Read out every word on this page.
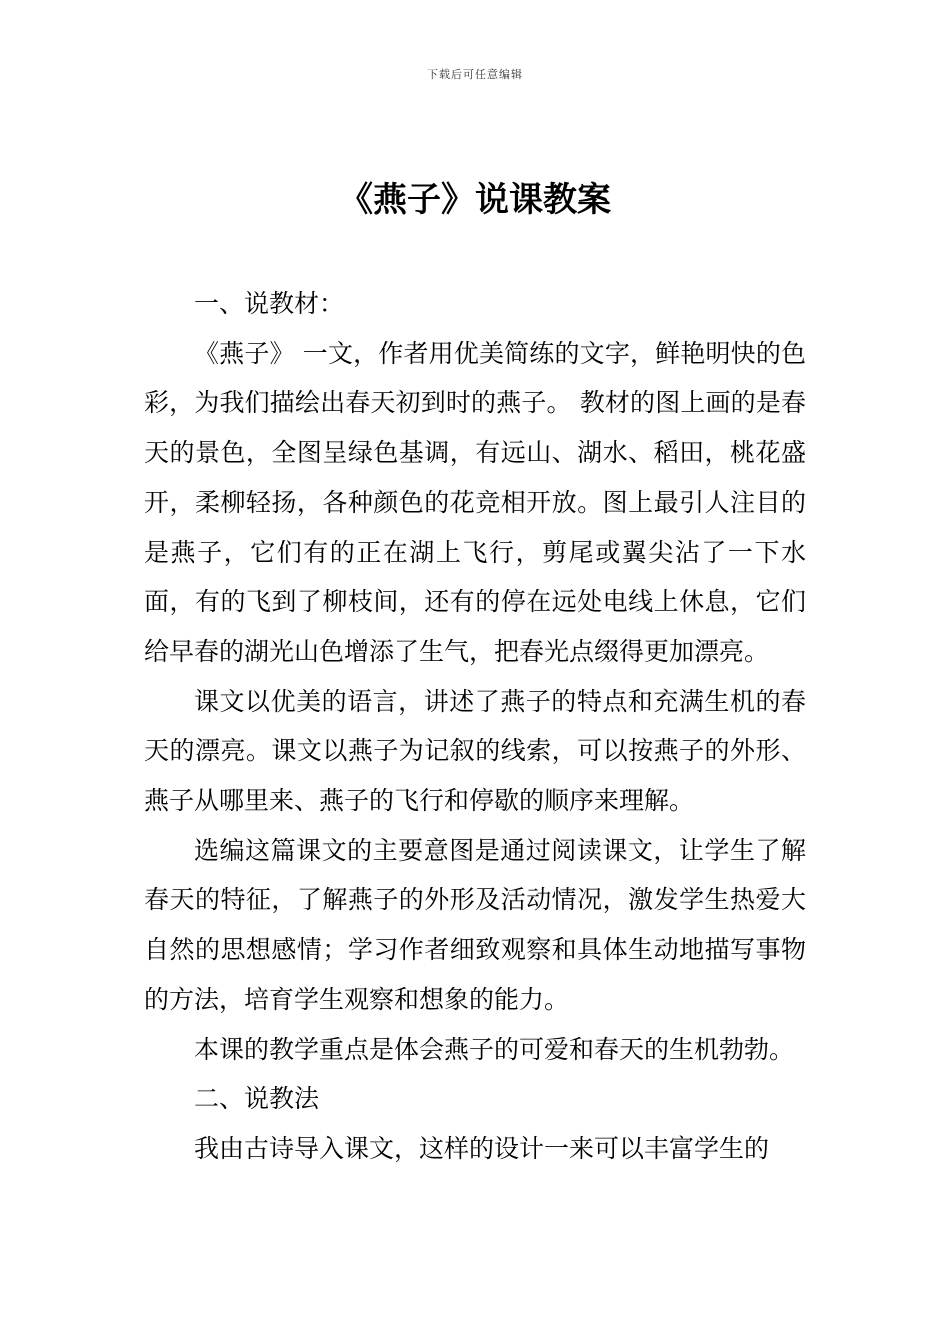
下载后可任意编辑
《燕子》说课教案

一、说教材：

《燕子》 一文，作者用优美简练的文字，鲜艳明快的色彩，为我们描绘出春天初到时的燕子。 教材的图上画的是春天的景色，全图呈绿色基调，有远山、湖水、稻田，桃花盛开，柔柳轻扬，各种颜色的花竞相开放。图上最引人注目的是燕子，它们有的正在湖上飞行，剪尾或翼尖沾了一下水面，有的飞到了柳枝间，还有的停在远处电线上休息，它们给早春的湖光山色增添了生气，把春光点缀得更加漂亮。

课文以优美的语言，讲述了燕子的特点和充满生机的春天的漂亮。课文以燕子为记叙的线索，可以按燕子的外形、燕子从哪里来、燕子的飞行和停歇的顺序来理解。

选编这篇课文的主要意图是通过阅读课文，让学生了解春天的特征，了解燕子的外形及活动情况，激发学生热爱大自然的思想感情；学习作者细致观察和具体生动地描写事物的方法，培育学生观察和想象的能力。

本课的教学重点是体会燕子的可爱和春天的生机勃勃。

二、说教法

我由古诗导入课文，这样的设计一来可以丰富学生的
